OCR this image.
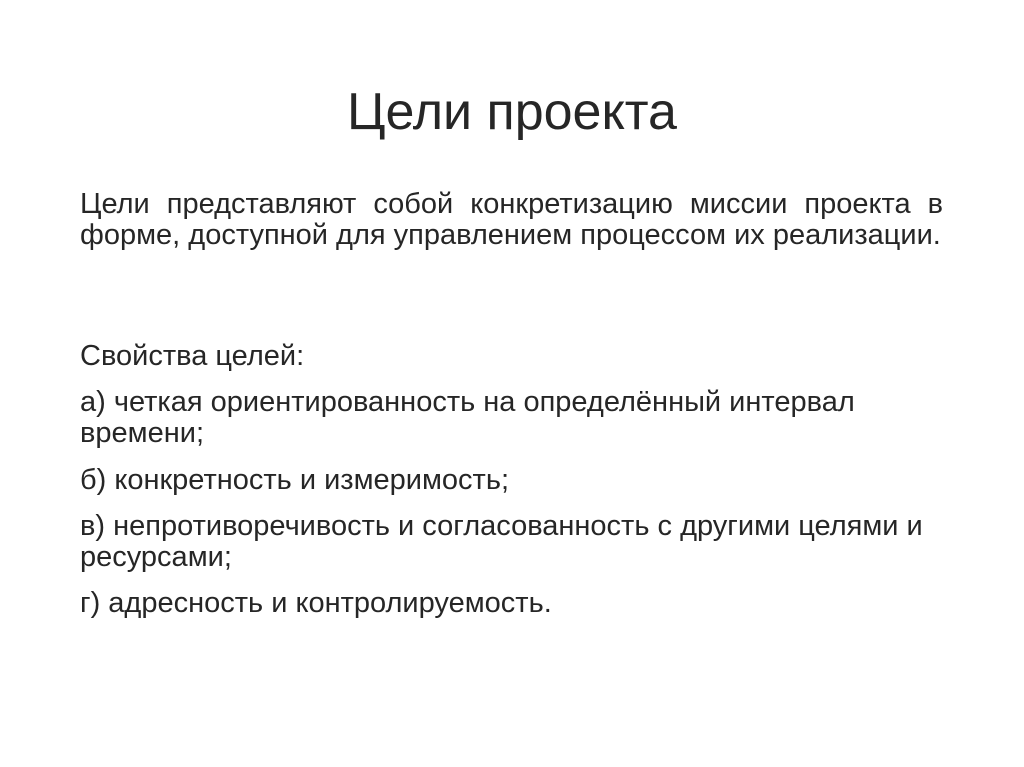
Цели проекта

Цели представляют собой конкретизацию миссии проекта в форме, доступной для управлением процессом их реализации.

Свойства целей:

а) четкая ориентированность на определённый интервал времени;

б) конкретность и измеримость;

в) непротиворечивость и согласованность с другими целями и ресурсами;

г) адресность и контролируемость.
